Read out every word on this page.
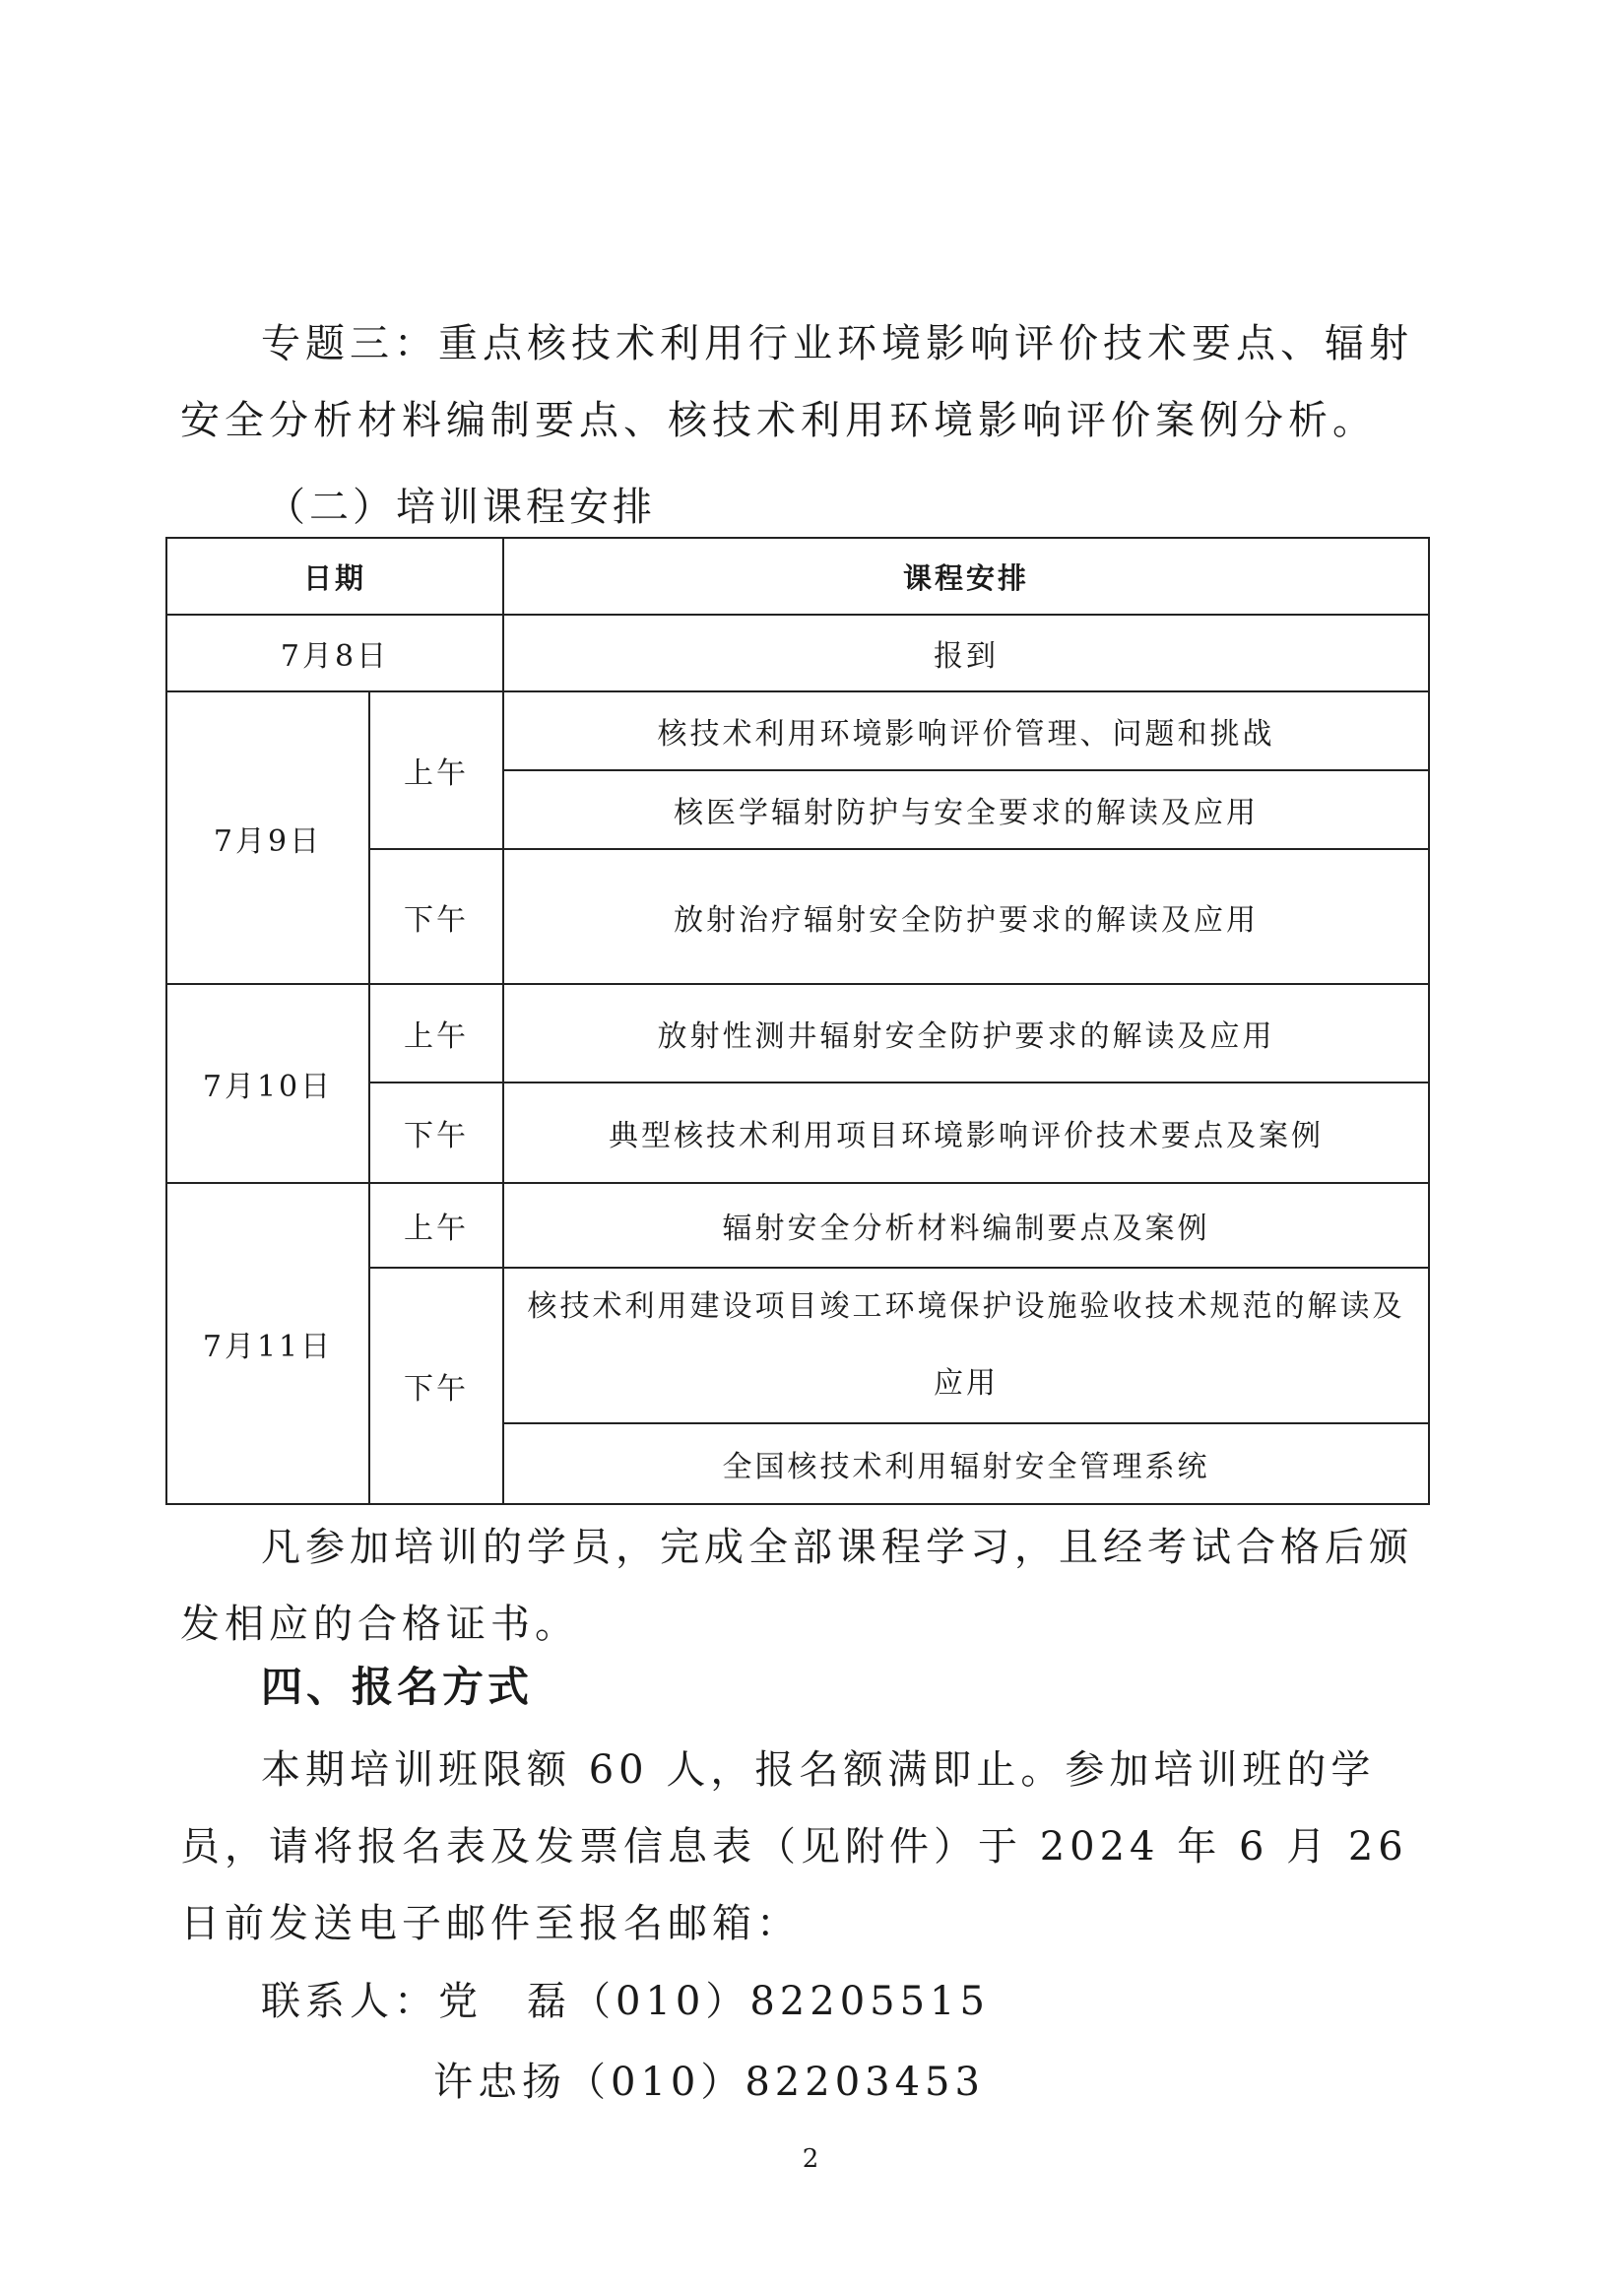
专题三：重点核技术利用行业环境影响评价技术要点、辐射安全分析材料编制要点、核技术利用环境影响评价案例分析。

（二）培训课程安排

日期		课程安排
7月8日		报到
7月9日	上午	核技术利用环境影响评价管理、问题和挑战
		核医学辐射防护与安全要求的解读及应用
	下午	放射治疗辐射安全防护要求的解读及应用
7月10日	上午	放射性测井辐射安全防护要求的解读及应用
	下午	典型核技术利用项目环境影响评价技术要点及案例
7月11日	上午	辐射安全分析材料编制要点及案例
	下午	核技术利用建设项目竣工环境保护设施验收技术规范的解读及应用
		全国核技术利用辐射安全管理系统

凡参加培训的学员，完成全部课程学习，且经考试合格后颁发相应的合格证书。

四、报名方式

本期培训班限额 60 人，报名额满即止。参加培训班的学员，请将报名表及发票信息表（见附件）于 2024 年 6 月 26 日前发送电子邮件至报名邮箱：

联系人：党　磊（010）82205515

许忠扬（010）82203453

2
